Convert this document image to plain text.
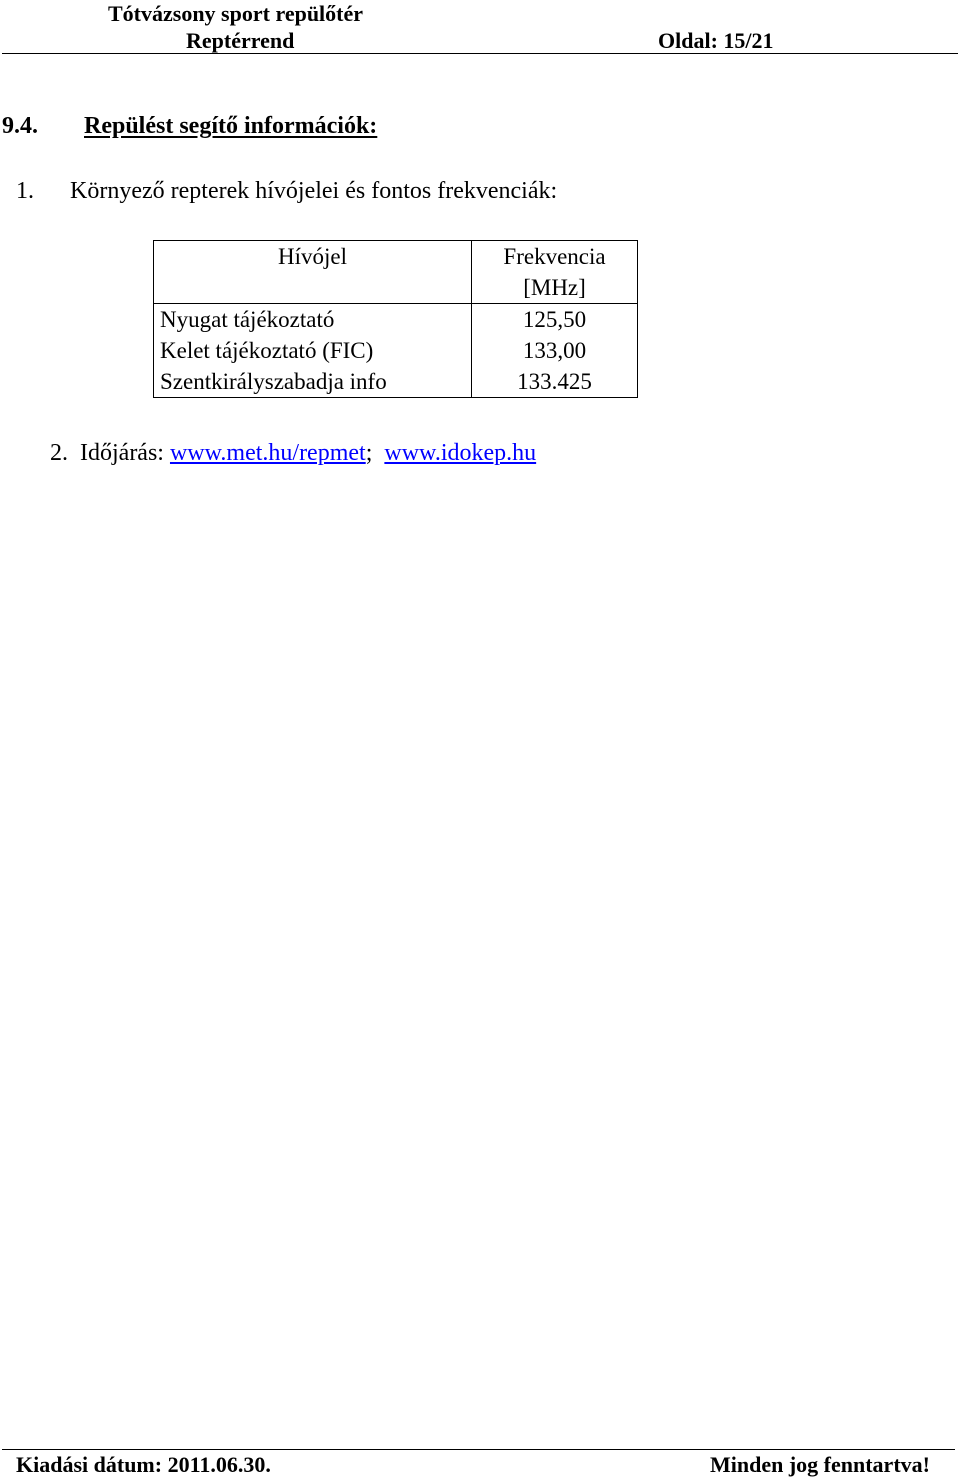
Tótvázsony sport repülőtér
Reptérrend	Oldal: 15/21
9.4. Repülést segítő információk:
1. Környező repterek hívójelei és fontos frekvenciák:
Hívójel	Frekvencia
[MHz]
Nyugat tájékoztató	125,50
Kelet tájékoztató (FIC)	133,00
Szentkirályszabadja info	133.425
2. Időjárás: www.met.hu/repmet; www.idokep.hu
Kiadási dátum: 2011.06.30.	Minden jog fenntartva!
